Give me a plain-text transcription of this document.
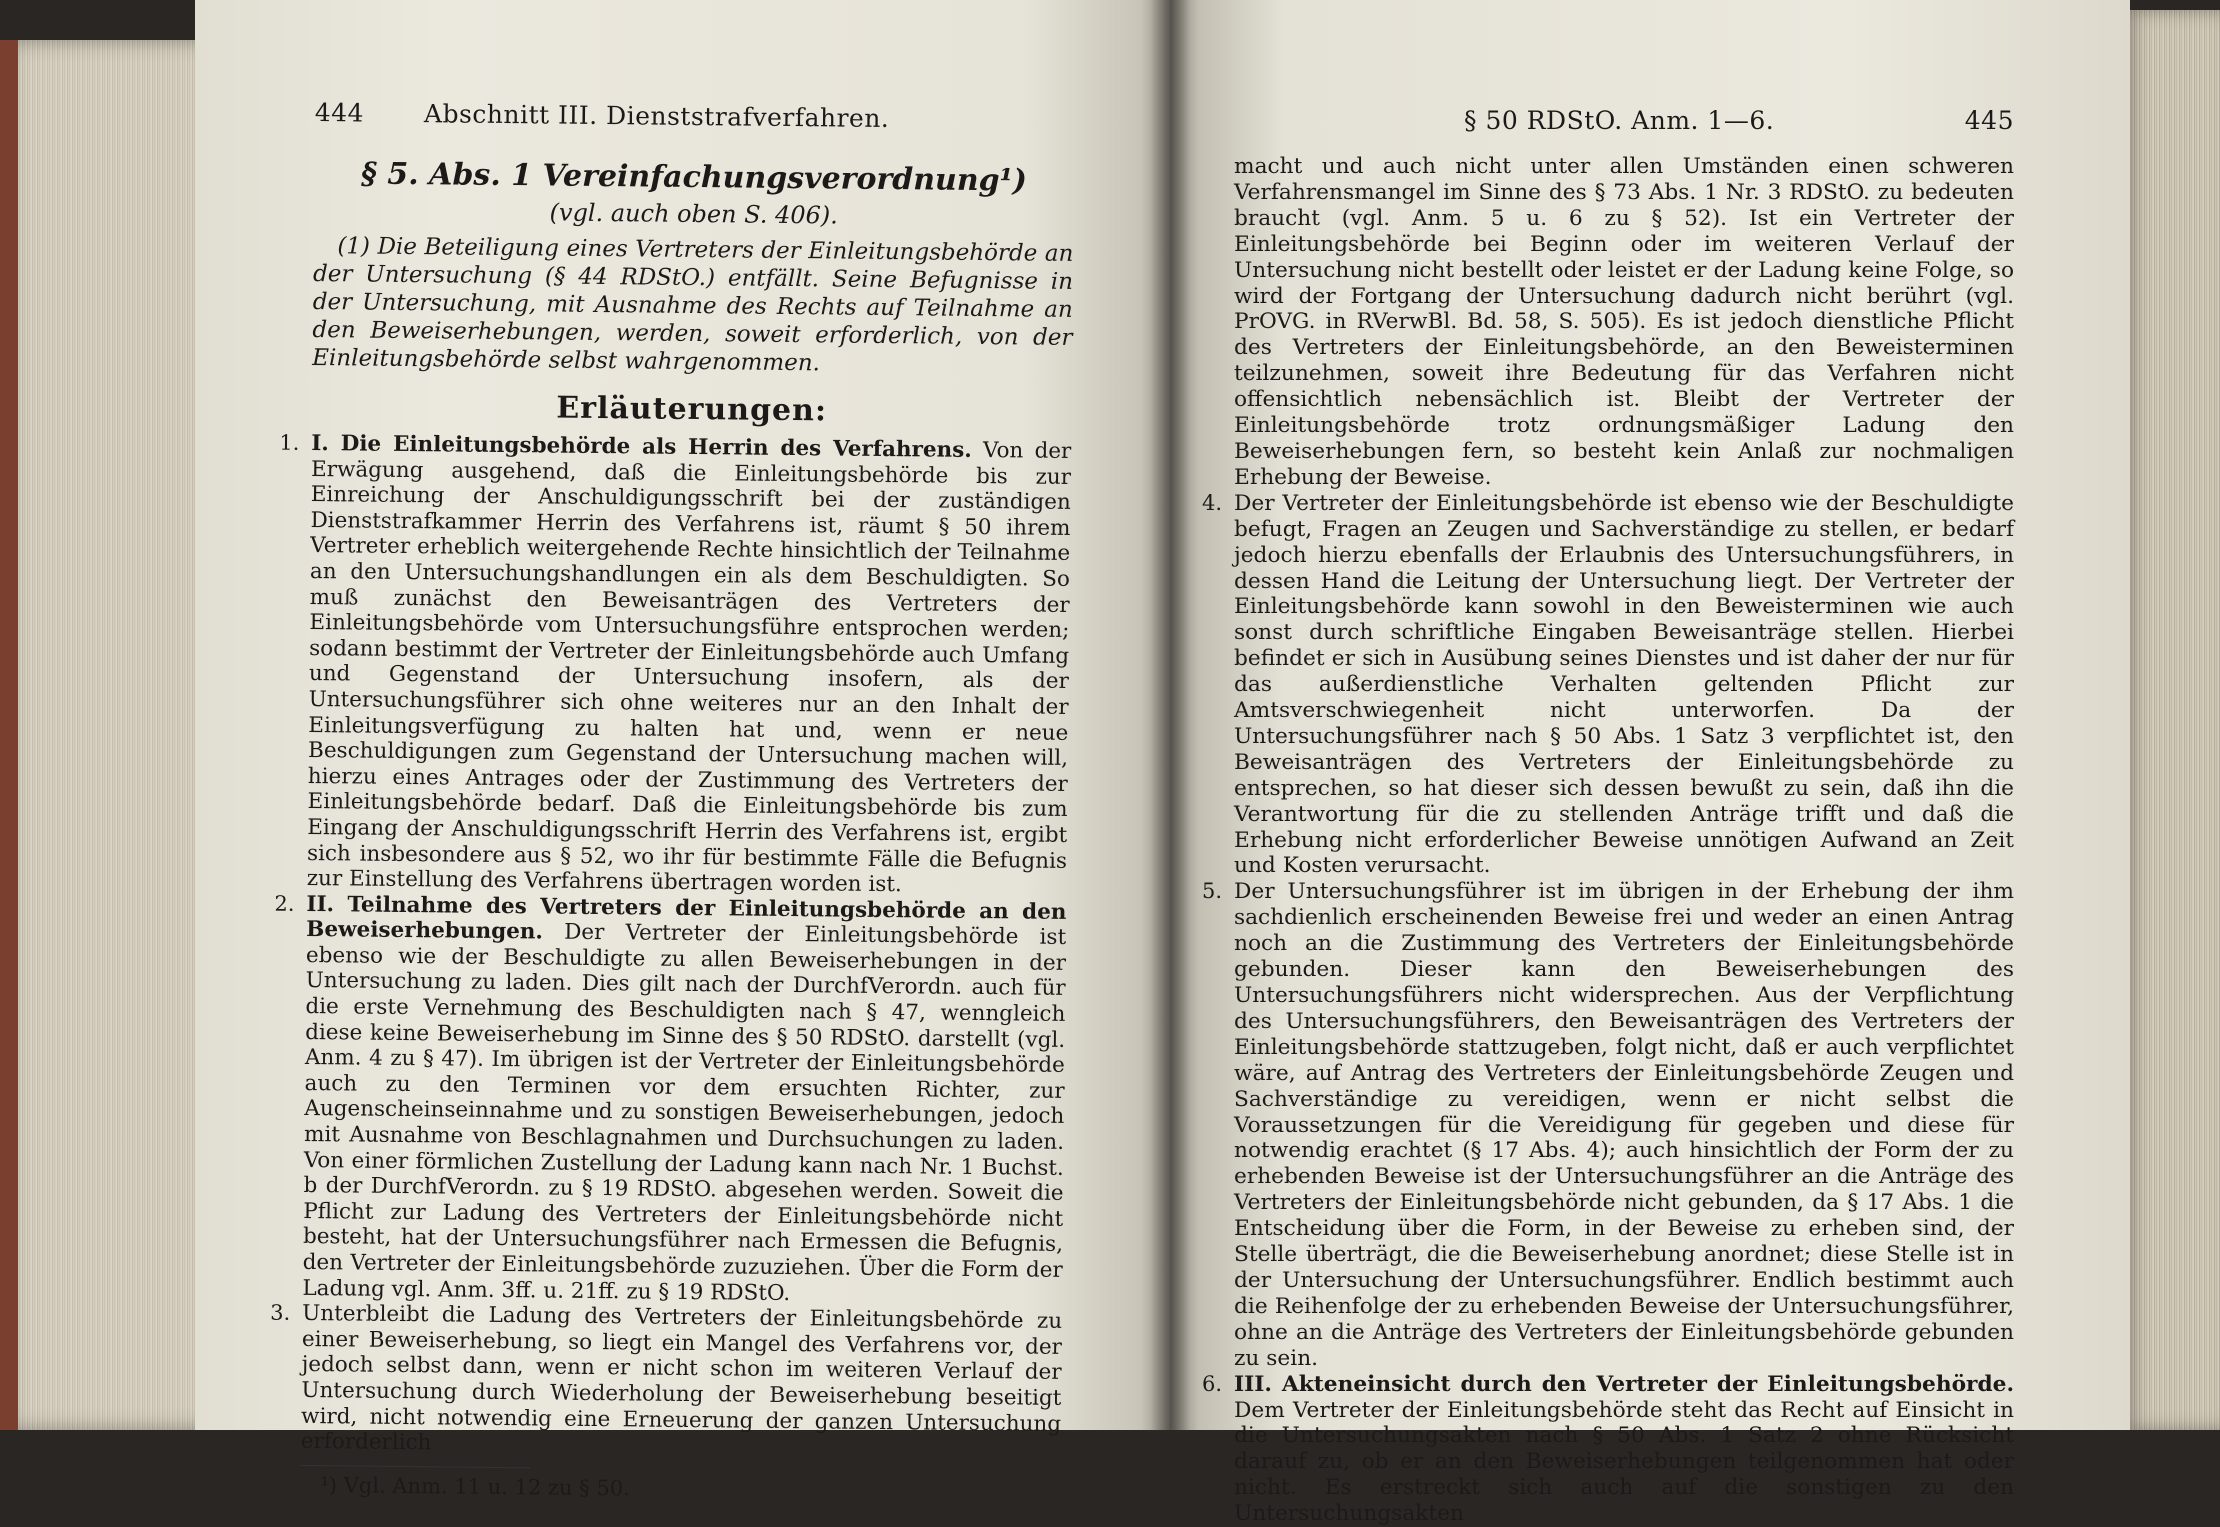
444	Abschnitt III. Dienststrafverfahren.
§ 5. Abs. 1 Vereinfachungsverordnung¹)
(vgl. auch oben S. 406).
(1) Die Beteiligung eines Vertreters der Einleitungsbehörde an der Untersuchung (§ 44 RDStO.) entfällt. Seine Befugnisse in der Untersuchung, mit Ausnahme des Rechts auf Teilnahme an den Beweiserhebungen, werden, soweit erforderlich, von der Einleitungsbehörde selbst wahrgenommen.
Erläuterungen:

1. I. Die Einleitungsbehörde als Herrin des Verfahrens. Von der Erwägung ausgehend, daß die Einleitungsbehörde bis zur Einreichung der Anschuldigungsschrift bei der zuständigen Dienststrafkammer Herrin des Verfahrens ist, räumt § 50 ihrem Vertreter erheblich weitergehende Rechte hinsichtlich der Teilnahme an den Untersuchungshandlungen ein als dem Beschuldigten. So muß zunächst den Beweisanträgen des Vertreters der Einleitungsbehörde vom Untersuchungsführe entsprochen werden; sodann bestimmt der Vertreter der Einleitungsbehörde auch Umfang und Gegenstand der Untersuchung insofern, als der Untersuchungsführer sich ohne weiteres nur an den Inhalt der Einleitungsverfügung zu halten hat und, wenn er neue Beschuldigungen zum Gegenstand der Untersuchung machen will, hierzu eines Antrages oder der Zustimmung des Vertreters der Einleitungsbehörde bedarf. Daß die Einleitungsbehörde bis zum Eingang der Anschuldigungsschrift Herrin des Verfahrens ist, ergibt sich insbesondere aus § 52, wo ihr für bestimmte Fälle die Befugnis zur Einstellung des Verfahrens übertragen worden ist.

2. II. Teilnahme des Vertreters der Einleitungsbehörde an den Beweiserhebungen. Der Vertreter der Einleitungsbehörde ist ebenso wie der Beschuldigte zu allen Beweiserhebungen in der Untersuchung zu laden. Dies gilt nach der DurchfVerordn. auch für die erste Vernehmung des Beschuldigten nach § 47, wenngleich diese keine Beweiserhebung im Sinne des § 50 RDStO. darstellt (vgl. Anm. 4 zu § 47). Im übrigen ist der Vertreter der Einleitungsbehörde auch zu den Terminen vor dem ersuchten Richter, zur Augenscheinseinnahme und zu sonstigen Beweiserhebungen, jedoch mit Ausnahme von Beschlagnahmen und Durchsuchungen zu laden. Von einer förmlichen Zustellung der Ladung kann nach Nr. 1 Buchst. b der DurchfVerordn. zu § 19 RDStO. abgesehen werden. Soweit die Pflicht zur Ladung des Vertreters der Einleitungsbehörde nicht besteht, hat der Untersuchungsführer nach Ermessen die Befugnis, den Vertreter der Einleitungsbehörde zuzuziehen. Über die Form der Ladung vgl. Anm. 3ff. u. 21ff. zu § 19 RDStO.

3. Unterbleibt die Ladung des Vertreters der Einleitungsbehörde zu einer Beweiserhebung, so liegt ein Mangel des Verfahrens vor, der jedoch selbst dann, wenn er nicht schon im weiteren Verlauf der Untersuchung durch Wiederholung der Beweiserhebung beseitigt wird, nicht notwendig eine Erneuerung der ganzen Untersuchung erforderlich

¹) Vgl. Anm. 11 u. 12 zu § 50.
§ 50 RDStO. Anm. 1—6.	445

macht und auch nicht unter allen Umständen einen schweren Verfahrensmangel im Sinne des § 73 Abs. 1 Nr. 3 RDStO. zu bedeuten braucht (vgl. Anm. 5 u. 6 zu § 52). Ist ein Vertreter der Einleitungsbehörde bei Beginn oder im weiteren Verlauf der Untersuchung nicht bestellt oder leistet er der Ladung keine Folge, so wird der Fortgang der Untersuchung dadurch nicht berührt (vgl. PrOVG. in RVerwBl. Bd. 58, S. 505). Es ist jedoch dienstliche Pflicht des Vertreters der Einleitungsbehörde, an den Beweisterminen teilzunehmen, soweit ihre Bedeutung für das Verfahren nicht offensichtlich nebensächlich ist. Bleibt der Vertreter der Einleitungsbehörde trotz ordnungsmäßiger Ladung den Beweiserhebungen fern, so besteht kein Anlaß zur nochmaligen Erhebung der Beweise.

4. Der Vertreter der Einleitungsbehörde ist ebenso wie der Beschuldigte befugt, Fragen an Zeugen und Sachverständige zu stellen, er bedarf jedoch hierzu ebenfalls der Erlaubnis des Untersuchungsführers, in dessen Hand die Leitung der Untersuchung liegt. Der Vertreter der Einleitungsbehörde kann sowohl in den Beweisterminen wie auch sonst durch schriftliche Eingaben Beweisanträge stellen. Hierbei befindet er sich in Ausübung seines Dienstes und ist daher der nur für das außerdienstliche Verhalten geltenden Pflicht zur Amtsverschwiegenheit nicht unterworfen. Da der Untersuchungsführer nach § 50 Abs. 1 Satz 3 verpflichtet ist, den Beweisanträgen des Vertreters der Einleitungsbehörde zu entsprechen, so hat dieser sich dessen bewußt zu sein, daß ihn die Verantwortung für die zu stellenden Anträge trifft und daß die Erhebung nicht erforderlicher Beweise unnötigen Aufwand an Zeit und Kosten verursacht.

5. Der Untersuchungsführer ist im übrigen in der Erhebung der ihm sachdienlich erscheinenden Beweise frei und weder an einen Antrag noch an die Zustimmung des Vertreters der Einleitungsbehörde gebunden. Dieser kann den Beweiserhebungen des Untersuchungsführers nicht widersprechen. Aus der Verpflichtung des Untersuchungsführers, den Beweisanträgen des Vertreters der Einleitungsbehörde stattzugeben, folgt nicht, daß er auch verpflichtet wäre, auf Antrag des Vertreters der Einleitungsbehörde Zeugen und Sachverständige zu vereidigen, wenn er nicht selbst die Voraussetzungen für die Vereidigung für gegeben und diese für notwendig erachtet (§ 17 Abs. 4); auch hinsichtlich der Form der zu erhebenden Beweise ist der Untersuchungsführer an die Anträge des Vertreters der Einleitungsbehörde nicht gebunden, da § 17 Abs. 1 die Entscheidung über die Form, in der Beweise zu erheben sind, der Stelle überträgt, die die Beweiserhebung anordnet; diese Stelle ist in der Untersuchung der Untersuchungsführer. Endlich bestimmt auch die Reihenfolge der zu erhebenden Beweise der Untersuchungsführer, ohne an die Anträge des Vertreters der Einleitungsbehörde gebunden zu sein.

6. III. Akteneinsicht durch den Vertreter der Einleitungsbehörde. Dem Vertreter der Einleitungsbehörde steht das Recht auf Einsicht in die Untersuchungsakten nach § 50 Abs. 1 Satz 2 ohne Rücksicht darauf zu, ob er an den Beweiserhebungen teilgenommen hat oder nicht. Es erstreckt sich auch auf die sonstigen zu den Untersuchungsakten
